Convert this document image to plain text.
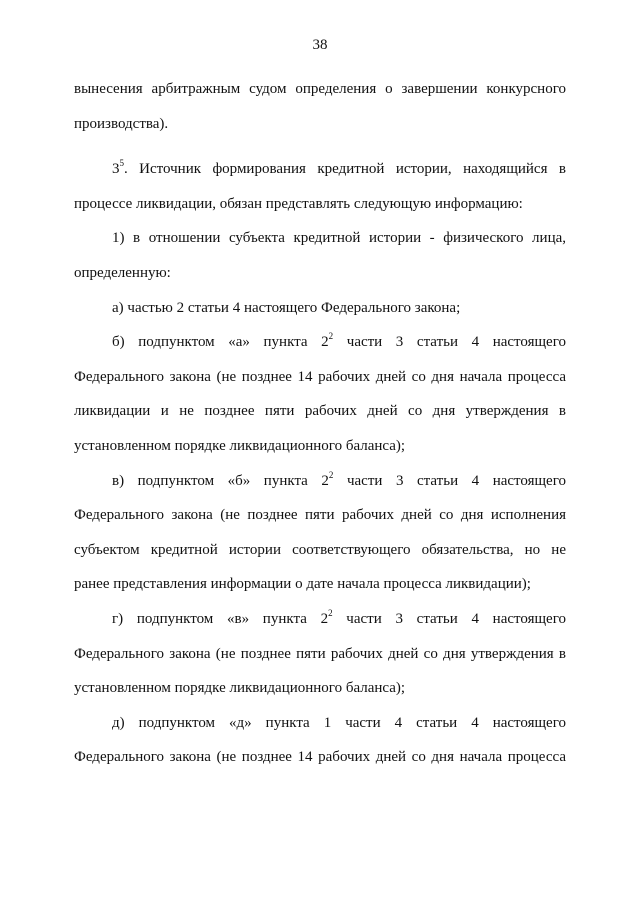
38
вынесения арбитражным судом определения о завершении конкурсного
производства).
$3^5$. Источник формирования кредитной истории, находящийся в
процессе ликвидации, обязан представлять следующую информацию:
1) в отношении субъекта кредитной истории - физического лица,
определенную:
а) частью 2 статьи 4 настоящего Федерального закона;
б) подпунктом «а» пункта $2^2$ части 3 статьи 4 настоящего
Федерального закона (не позднее 14 рабочих дней со дня начала процесса
ликвидации и не позднее пяти рабочих дней со дня утверждения в
установленном порядке ликвидационного баланса);
в) подпунктом «б» пункта $2^2$ части 3 статьи 4 настоящего
Федерального закона (не позднее пяти рабочих дней со дня исполнения
субъектом кредитной истории соответствующего обязательства, но не
ранее представления информации о дате начала процесса ликвидации);
г) подпунктом «в» пункта $2^2$ части 3 статьи 4 настоящего
Федерального закона (не позднее пяти рабочих дней со дня утверждения в
установленном порядке ликвидационного баланса);
д) подпунктом «д» пункта 1 части 4 статьи 4 настоящего
Федерального закона (не позднее 14 рабочих дней со дня начала процесса
